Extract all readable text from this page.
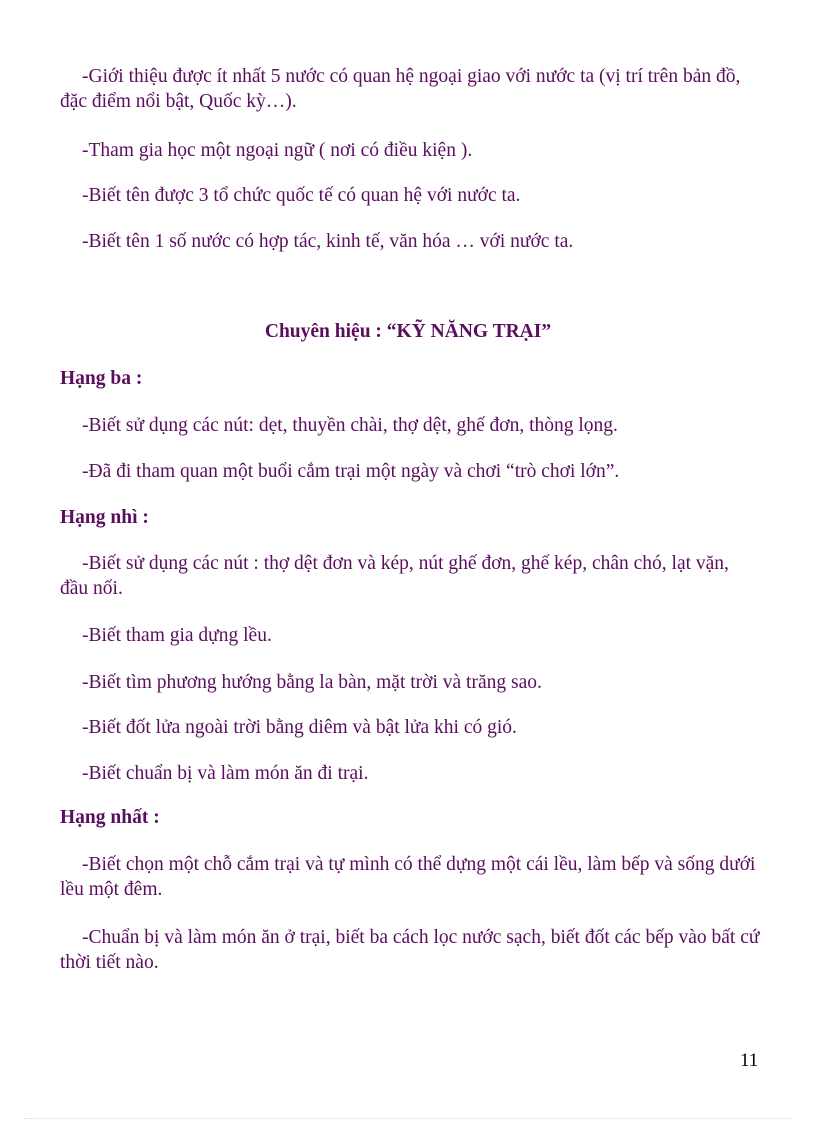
-Giới thiệu được ít nhất 5 nước có quan hệ ngoại giao với nước ta (vị trí trên bản đồ, đặc điểm nổi bật, Quốc kỳ…).

-Tham gia học một ngoại ngữ ( nơi có điều kiện ).

-Biết tên được 3 tổ chức quốc tế có quan hệ với nước ta.

-Biết tên 1 số nước có hợp tác, kinh tế, văn hóa … với nước ta.

Chuyên hiệu : “KỸ NĂNG TRẠI”

Hạng ba :

-Biết sử dụng các nút: dẹt, thuyền chài, thợ dệt, ghế đơn, thòng lọng.

-Đã đi tham quan một buổi cắm trại một ngày và chơi “trò chơi lớn”.

Hạng nhì :

-Biết sử dụng các nút : thợ dệt đơn và kép, nút ghế đơn, ghế kép, chân chó, lạt vặn, đầu nối.

-Biết tham gia dựng lều.

-Biết tìm phương hướng bằng la bàn, mặt trời và trăng sao.

-Biết đốt lửa ngoài trời bằng diêm và bật lửa khi có gió.

-Biết chuẩn bị và làm món ăn đi trại.

Hạng nhất :

-Biết chọn một chỗ cắm trại và tự mình có thể dựng một cái lều, làm bếp và sống dưới lều một đêm.

-Chuẩn bị và làm món ăn ở trại, biết ba cách lọc nước sạch, biết đốt các bếp vào bất cứ thời tiết nào.

11
